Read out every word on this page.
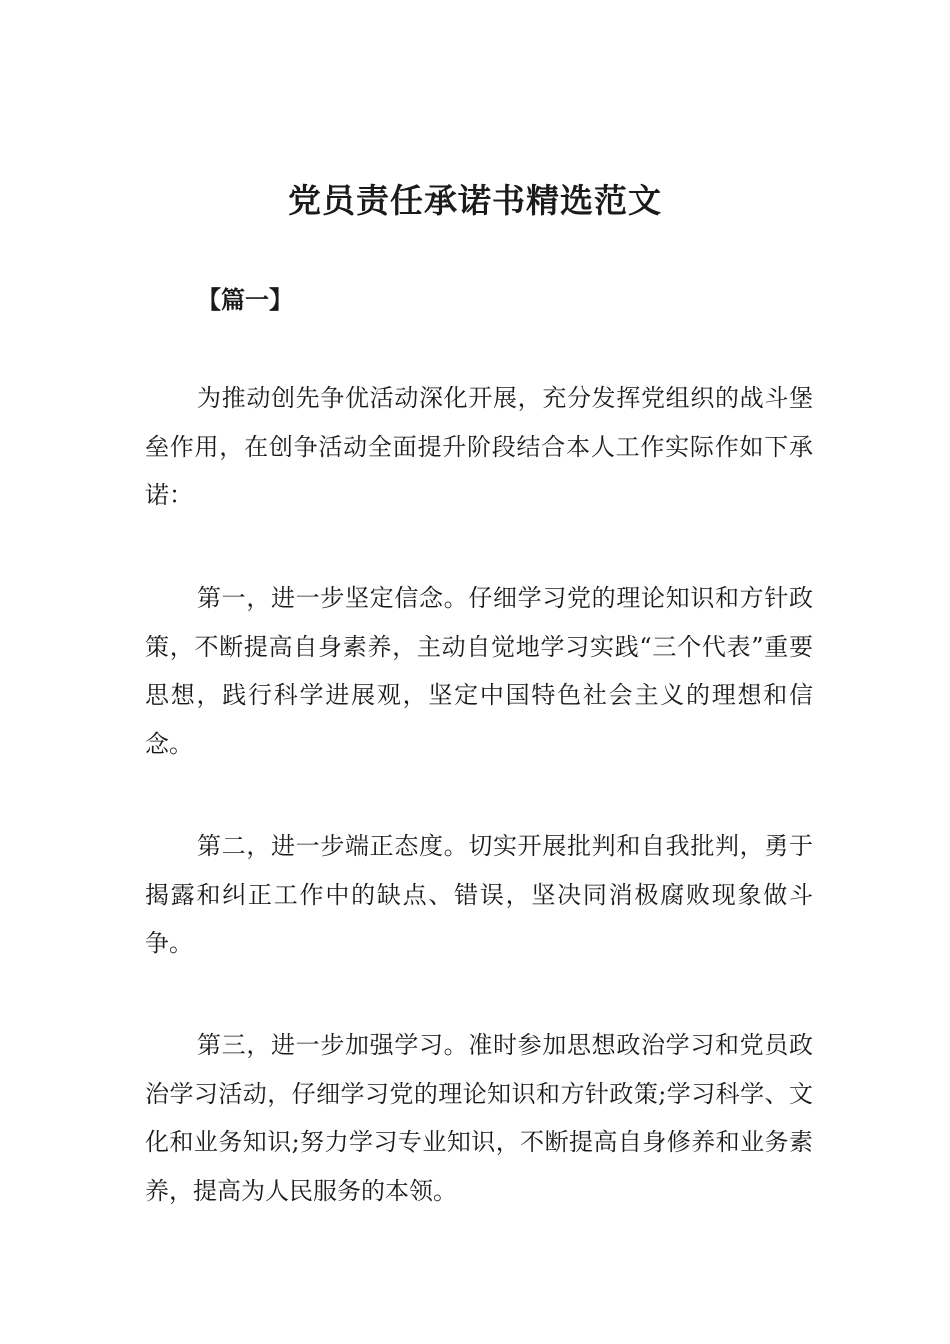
党员责任承诺书精选范文

【篇一】

为推动创先争优活动深化开展，充分发挥党组织的战斗堡垒作用，在创争活动全面提升阶段结合本人工作实际作如下承诺：

第一，进一步坚定信念。仔细学习党的理论知识和方针政策，不断提高自身素养，主动自觉地学习实践“三个代表”重要思想，践行科学进展观，坚定中国特色社会主义的理想和信念。

第二，进一步端正态度。切实开展批判和自我批判，勇于揭露和纠正工作中的缺点、错误，坚决同消极腐败现象做斗争。

第三，进一步加强学习。准时参加思想政治学习和党员政治学习活动，仔细学习党的理论知识和方针政策;学习科学、文化和业务知识;努力学习专业知识，不断提高自身修养和业务素养，提高为人民服务的本领。
